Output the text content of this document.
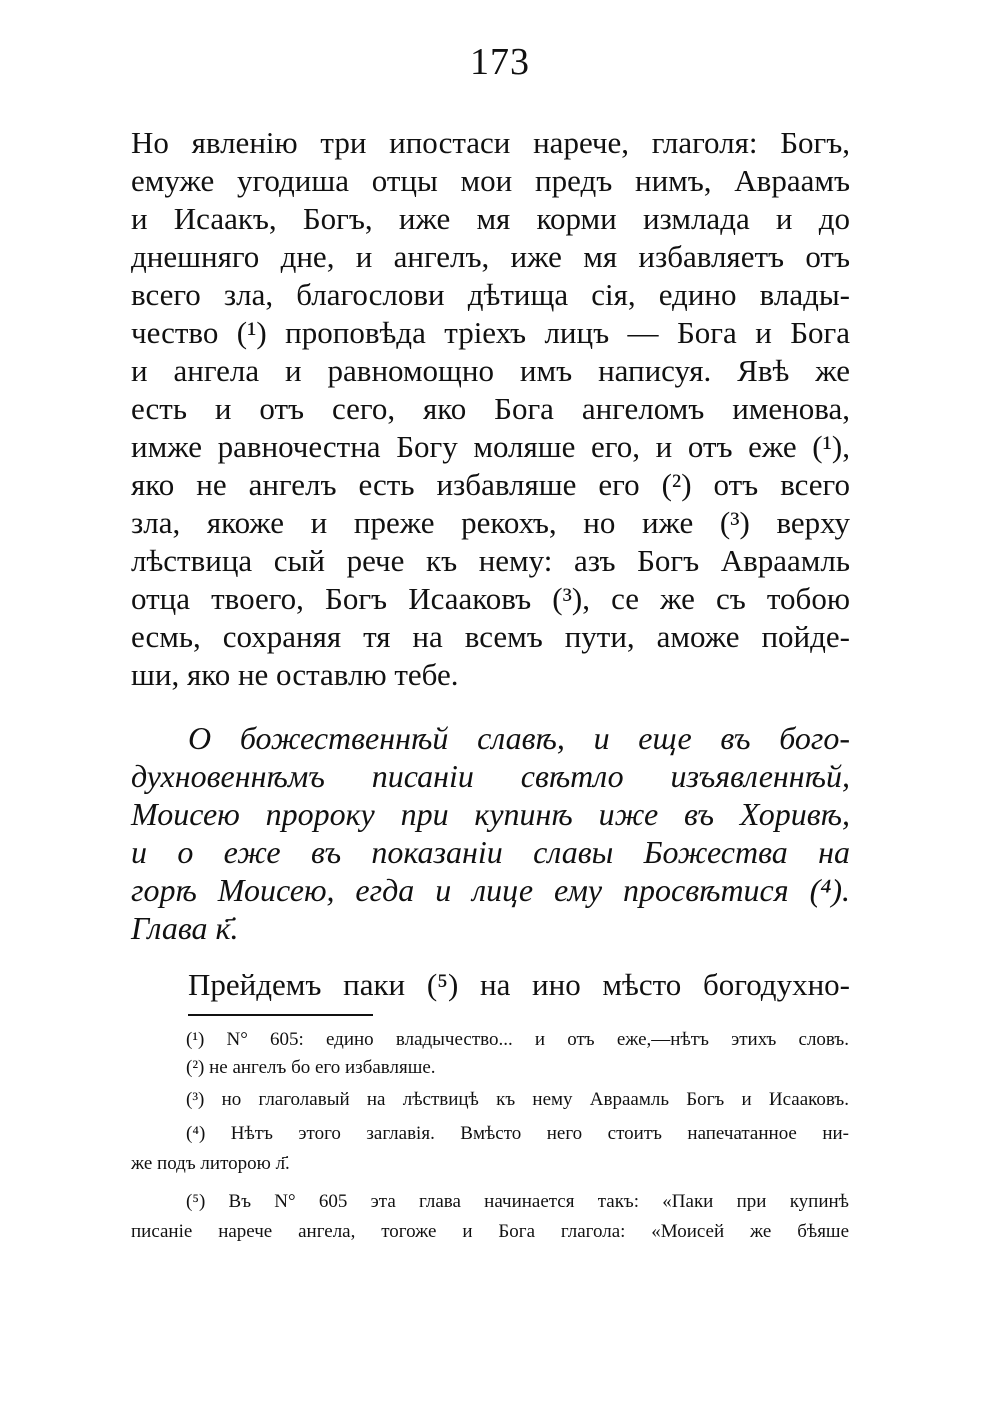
173
Но явленію три ипостаси нарече, глаголя: Богъ,
емуже угодиша отцы мои предъ нимъ, Авраамъ
и Исаакъ, Богъ, иже мя корми измлада и до
днешняго дне, и ангелъ, иже мя избавляетъ отъ
всего зла, благослови дѣтища сія, едино влады-
чество (¹) проповѣда тріехъ лицъ — Бога и Бога
и ангела и равномощно имъ написуя. Явѣ же
есть и отъ сего, яко Бога ангеломъ именова,
имже равночестна Богу моляше его, и отъ еже (¹),
яко не ангелъ есть избавляше его (²) отъ всего
зла, якоже и преже рекохъ, но иже (³) верху
лѣствица сый рече къ нему: азъ Богъ Авраамль
отца твоего, Богъ Исааковъ (³), се же съ тобою
есмь, сохраняя тя на всемъ пути, аможе пойде-
ши, яко не оставлю тебе.
О божественнѣй славѣ, и еще въ бого-
духновеннѣмъ писаніи свѣтло изъявленнѣй,
Моисею пророку при купинѣ иже въ Хоривѣ,
и о еже въ показаніи славы Божества на
горѣ Моисею, егда и лице ему просвѣтися (⁴).
Глава к҃.
Прейдемъ паки (⁵) на ино мѣсто богодухно-
(¹) N° 605: едино владычество... и отъ еже,—нѣтъ этихъ словъ.
(²) не ангелъ бо его избавляше.
(³) но глаголавый на лѣствицѣ къ нему Авраамль Богъ и Исааковъ.
(⁴) Нѣтъ этого заглавія. Вмѣсто него стоитъ напечатанное ни-
же подъ литорою л҃.
(⁵) Въ N° 605 эта глава начинается такъ: «Паки при купинѣ
писаніе нарече ангела, тогоже и Бога глагола: «Моисей же бѣяше
